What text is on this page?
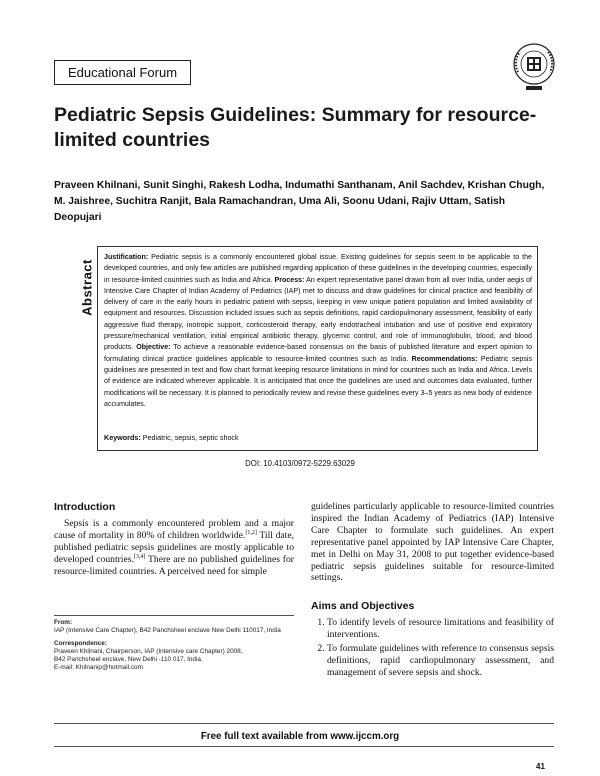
Educational Forum
Pediatric Sepsis Guidelines: Summary for resource-limited countries
Praveen Khilnani, Sunit Singhi, Rakesh Lodha, Indumathi Santhanam, Anil Sachdev, Krishan Chugh, M. Jaishree, Suchitra Ranjit, Bala Ramachandran, Uma Ali, Soonu Udani, Rajiv Uttam, Satish Deopujari
Abstract
Justification: Pediatric sepsis is a commonly encountered global issue. Existing guidelines for sepsis seem to be applicable to the developed countries, and only few articles are published regarding application of these guidelines in the developing countries, especially in resource-limited countries such as India and Africa. Process: An expert representative panel drawn from all over India, under aegis of Intensive Care Chapter of Indian Academy of Pediatrics (IAP) met to discuss and draw guidelines for clinical practice and feasibility of delivery of care in the early hours in pediatric patient with sepsis, keeping in view unique patient population and limited availability of equipment and resources. Discussion included issues such as sepsis definitions, rapid cardiopulmonary assessment, feasibility of early aggressive fluid therapy, inotropic support, corticosteroid therapy, early endotracheal intubation and use of positive end expiratory pressure/mechanical ventilation, initial empirical antibiotic therapy, glycemic control, and role of immunoglobulin, blood, and blood products. Objective: To achieve a reasonable evidence-based consensus on the basis of published literature and expert opinion to formulating clinical practice guidelines applicable to resource-limited countries such as India. Recommendations: Pediatric sepsis guidelines are presented in text and flow chart format keeping resource limitations in mind for countries such as India and Africa. Levels of evidence are indicated wherever applicable. It is anticipated that once the guidelines are used and outcomes data evaluated, further modifications will be necessary. It is planned to periodically review and revise these guidelines every 3–5 years as new body of evidence accumulates.
Keywords: Pediatric, sepsis, septic shock
DOI: 10.4103/0972-5229.63029
Introduction
Sepsis is a commonly encountered problem and a major cause of mortality in 80% of children worldwide.[1,2] Till date, published pediatric sepsis guidelines are mostly applicable to developed countries.[3,4] There are no published guidelines for resource-limited countries. A perceived need for simple
From:
IAP (Intensive Care Chapter), B42 Panchsheel enclave New Delhi 110017, India
Correspondence:
Praveen Khilnani, Chairperson, IAP (Intensive care Chapter) 2008,
B42 Panchsheel enclave, New Delhi -110 017, India.
E-mail: Khilnanip@hotmail.com
guidelines particularly applicable to resource-limited countries inspired the Indian Academy of Pediatrics (IAP) Intensive Care Chapter to formulate such guidelines. An expert representative panel appointed by IAP Intensive Care Chapter, met in Delhi on May 31, 2008 to put together evidence-based pediatric sepsis guidelines suitable for resource-limited settings.
Aims and Objectives
1. To identify levels of resource limitations and feasibility of interventions.
2. To formulate guidelines with reference to consensus sepsis definitions, rapid cardiopulmonary assessment, and management of severe sepsis and shock.
Free full text available from www.ijccm.org
41
